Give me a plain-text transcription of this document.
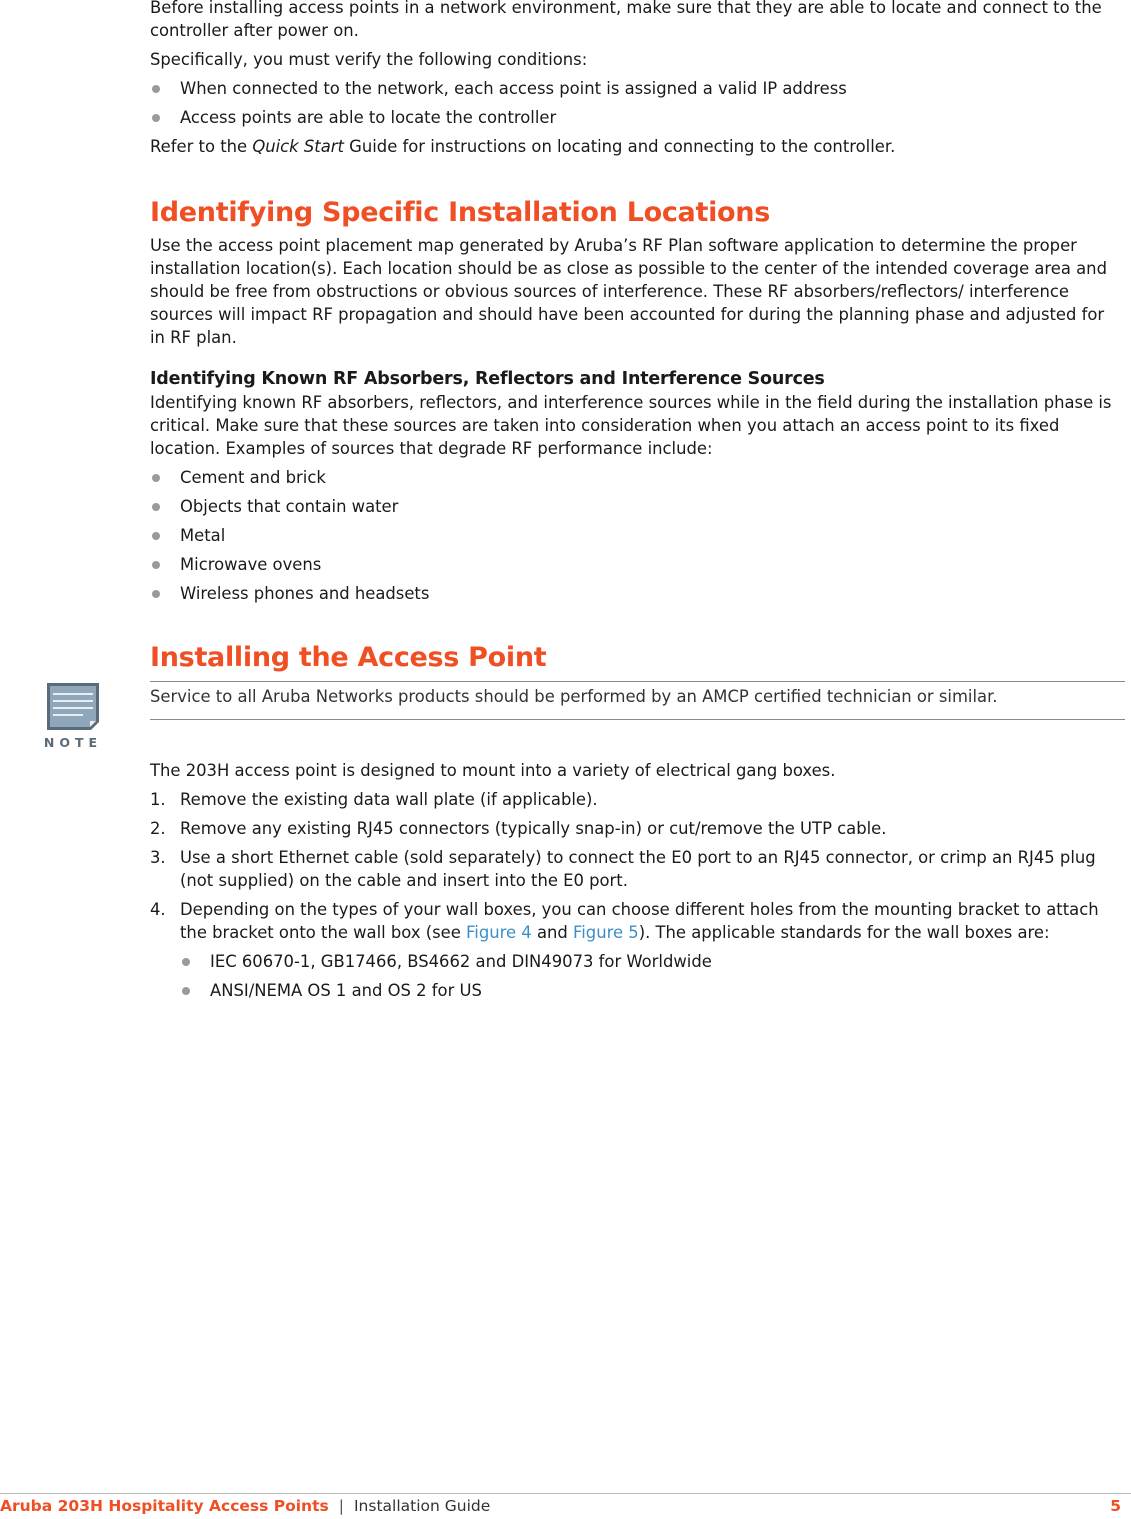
Before installing access points in a network environment, make sure that they are able to locate and connect to the controller after power on.

Specifically, you must verify the following conditions:

When connected to the network, each access point is assigned a valid IP address
Access points are able to locate the controller

Refer to the Quick Start Guide for instructions on locating and connecting to the controller.

Identifying Specific Installation Locations

Use the access point placement map generated by Aruba’s RF Plan software application to determine the proper installation location(s). Each location should be as close as possible to the center of the intended coverage area and should be free from obstructions or obvious sources of interference. These RF absorbers/reflectors/ interference sources will impact RF propagation and should have been accounted for during the planning phase and adjusted for in RF plan.

Identifying Known RF Absorbers, Reflectors and Interference Sources

Identifying known RF absorbers, reflectors, and interference sources while in the field during the installation phase is critical. Make sure that these sources are taken into consideration when you attach an access point to its fixed location. Examples of sources that degrade RF performance include:

Cement and brick
Objects that contain water
Metal
Microwave ovens
Wireless phones and headsets
Installing the Access Point
NOTE
Service to all Aruba Networks products should be performed by an AMCP certified technician or similar.

The 203H access point is designed to mount into a variety of electrical gang boxes.

1. Remove the existing data wall plate (if applicable).
2. Remove any existing RJ45 connectors (typically snap-in) or cut/remove the UTP cable.
3. Use a short Ethernet cable (sold separately) to connect the E0 port to an RJ45 connector, or crimp an RJ45 plug (not supplied) on the cable and insert into the E0 port.
4. Depending on the types of your wall boxes, you can choose different holes from the mounting bracket to attach the bracket onto the wall box (see Figure 4 and Figure 5). The applicable standards for the wall boxes are:
IEC 60670-1, GB17466, BS4662 and DIN49073 for Worldwide
ANSI/NEMA OS 1 and OS 2 for US
Aruba 203H Hospitality Access Points | Installation Guide	5
